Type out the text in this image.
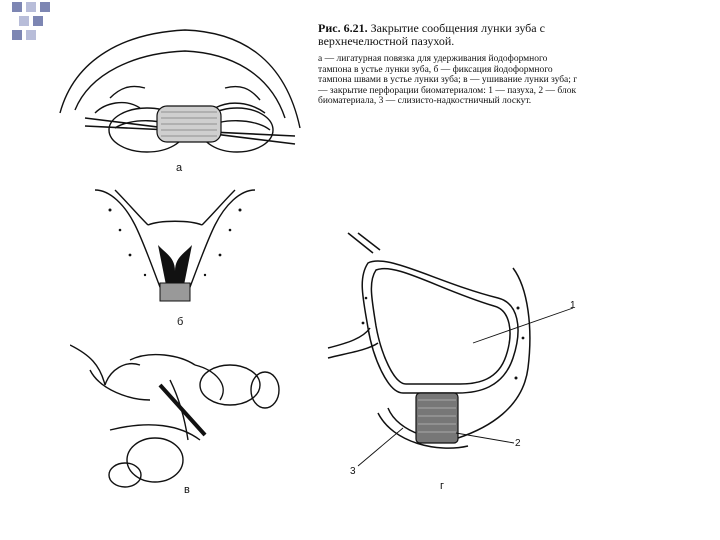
Рис. 6.21. Закрытие сообщения лунки зуба с верхнечелюстной пазухой.

а — лигатурная повязка для удерживания йодоформного тампона в устье лунки зуба, б — фиксация йодоформного тампона швами в устье лунки зуба; в — ушивание лунки зуба; г — закрытие перфорации биоматериалом: 1 — пазуха, 2 — блок биоматериала, 3 — слизисто-надкостничный лоскут.

а
б
в
1
2
3
г
